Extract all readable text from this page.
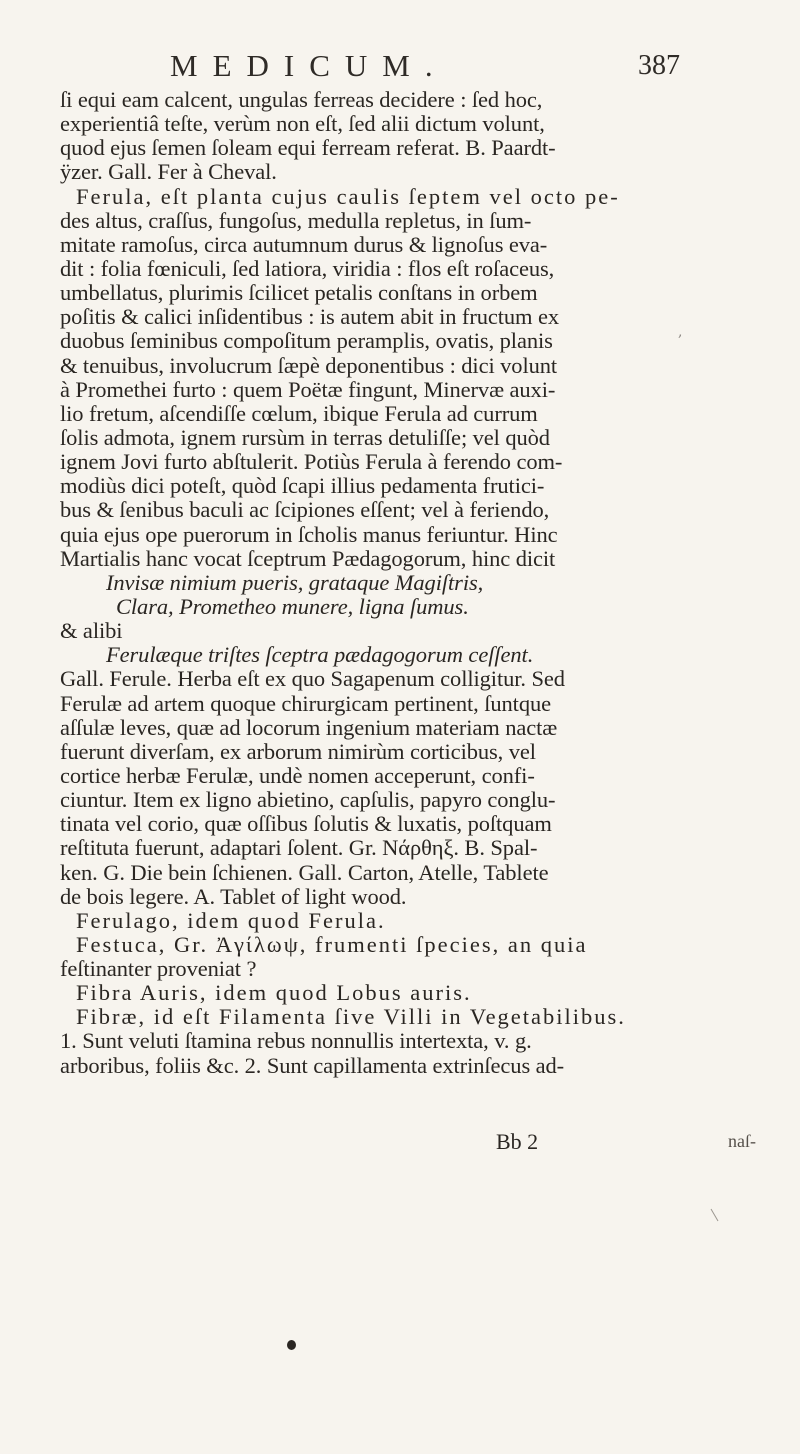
MEDICUM.	387
ſi equi eam calcent, ungulas ferreas decidere : ſed hoc,
experientiâ teſte, verùm non eſt, ſed alii dictum volunt,
quod ejus ſemen ſoleam equi ferream referat. B. Paardt-
ÿzer. Gall. Fer à Cheval.
Ferula, eſt planta cujus caulis ſeptem vel octo pe-
des altus, craſſus, fungoſus, medulla repletus, in ſum-
mitate ramoſus, circa autumnum durus & lignoſus eva-
dit : folia fœniculi, ſed latiora, viridia : flos eſt roſaceus,
umbellatus, plurimis ſcilicet petalis conſtans in orbem
poſitis & calici inſidentibus : is autem abit in fructum ex
duobus ſeminibus compoſitum peramplis, ovatis, planis
& tenuibus, involucrum ſæpè deponentibus : dici volunt
à Promethei furto : quem Poëtæ fingunt, Minervæ auxi-
lio fretum, aſcendiſſe cœlum, ibique Ferula ad currum
ſolis admota, ignem rursùm in terras detuliſſe; vel quòd
ignem Jovi furto abſtulerit. Potiùs Ferula à ferendo com-
modiùs dici poteſt, quòd ſcapi illius pedamenta frutici-
bus & ſenibus baculi ac ſcipiones eſſent; vel à feriendo,
quia ejus ope puerorum in ſcholis manus feriuntur. Hinc
Martialis hanc vocat ſceptrum Pædagogorum, hinc dicit
Invisæ nimium pueris, grataque Magiſtris,
Clara, Prometheo munere, ligna ſumus.
& alibi
Ferulæque triſtes ſceptra pædagogorum ceſſent.
Gall. Ferule. Herba eſt ex quo Sagapenum colligitur. Sed
Ferulæ ad artem quoque chirurgicam pertinent, ſuntque
aſſulæ leves, quæ ad locorum ingenium materiam nactæ
fuerunt diverſam, ex arborum nimirùm corticibus, vel
cortice herbæ Ferulæ, undè nomen acceperunt, confi-
ciuntur. Item ex ligno abietino, capſulis, papyro conglu-
tinata vel corio, quæ oſſibus ſolutis & luxatis, poſtquam
reſtituta fuerunt, adaptari ſolent. Gr. Νάρθηξ. B. Spal-
ken. G. Die bein ſchienen. Gall. Carton, Atelle, Tablete
de bois legere. A. Tablet of light wood.
Ferulago, idem quod Ferula.
Festuca, Gr. Ἀγίλωψ, frumenti ſpecies, an quia
feſtinanter proveniat ?
Fibra Auris, idem quod Lobus auris.
Fibræ, id eſt Filamenta ſive Villi in Vegetabilibus.
1. Sunt veluti ſtamina rebus nonnullis intertexta, v. g.
arboribus, foliis &c. 2. Sunt capillamenta extrinſecus ad-
Bb 2	naſ-
,
